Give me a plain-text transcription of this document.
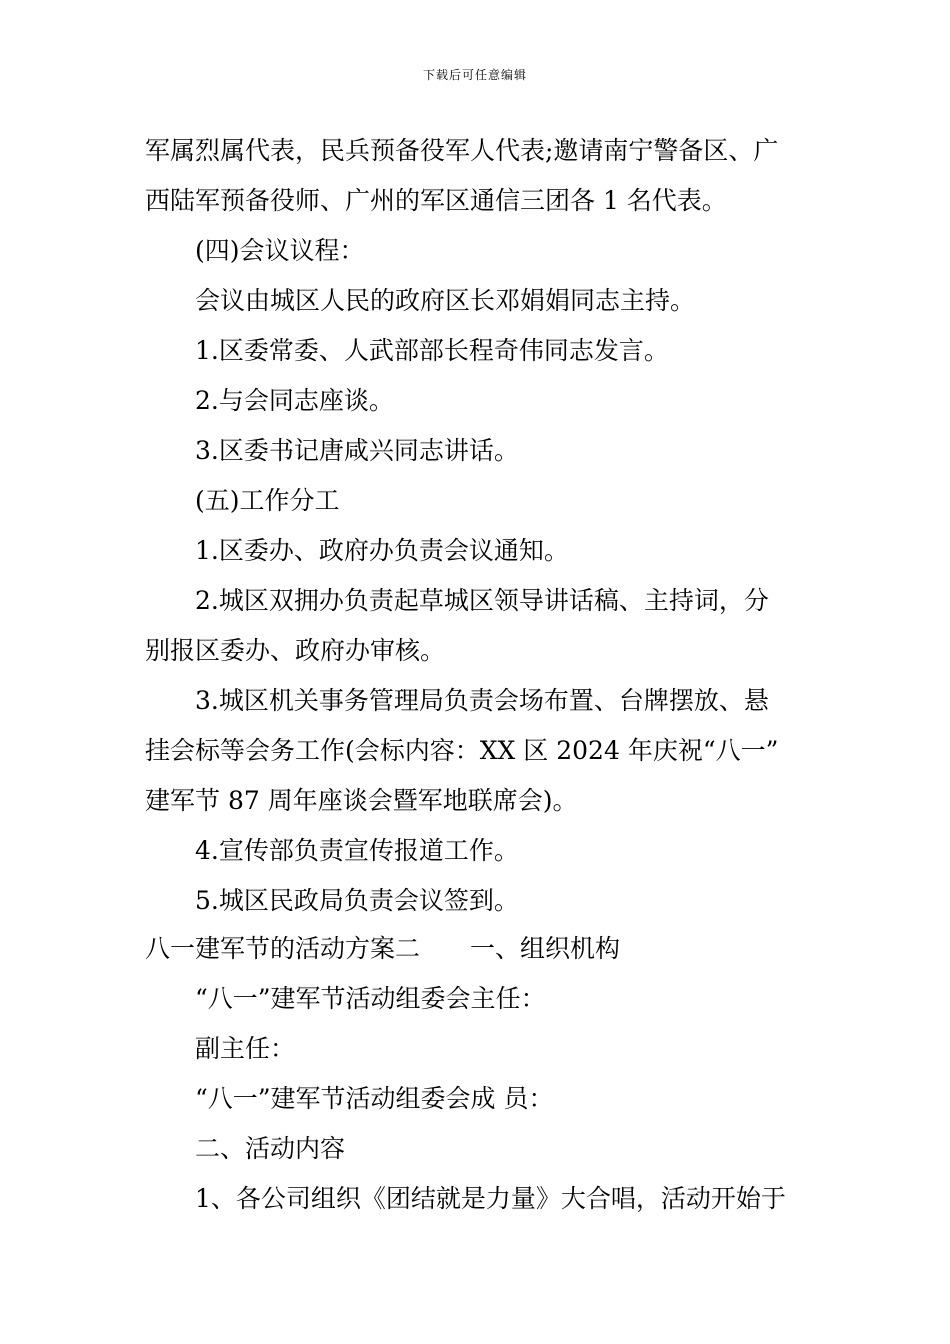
下载后可任意编辑
军属烈属代表，民兵预备役军人代表;邀请南宁警备区、广
西陆军预备役师、广州的军区通信三团各 1 名代表。
(四)会议议程：
会议由城区人民的政府区长邓娟娟同志主持。
1.区委常委、人武部部长程奇伟同志发言。
2.与会同志座谈。
3.区委书记唐咸兴同志讲话。
(五)工作分工
1.区委办、政府办负责会议通知。
2.城区双拥办负责起草城区领导讲话稿、主持词，分
别报区委办、政府办审核。
3.城区机关事务管理局负责会场布置、台牌摆放、悬
挂会标等会务工作(会标内容：XX 区 2024 年庆祝“八一”
建军节 87 周年座谈会暨军地联席会)。
4.宣传部负责宣传报道工作。
5.城区民政局负责会议签到。
八一建军节的活动方案二　　一、组织机构
“八一”建军节活动组委会主任：
副主任：
“八一”建军节活动组委会成 员：
二、活动内容
1、各公司组织《团结就是力量》大合唱，活动开始于
